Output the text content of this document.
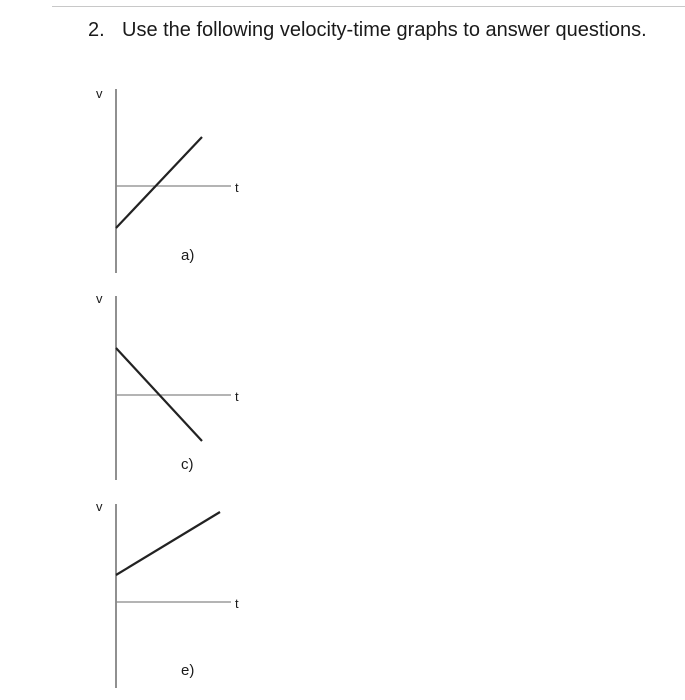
2. Use the following velocity-time graphs to answer questions.
v
t
a)
v
t
c)
v
t
e)
